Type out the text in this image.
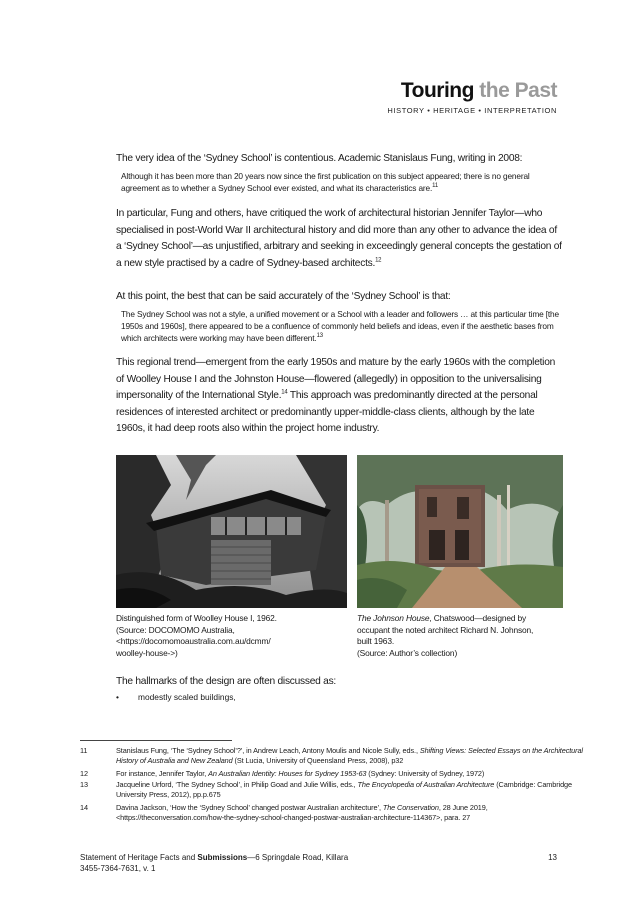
Touring the Past
HISTORY • HERITAGE • INTERPRETATION

The very idea of the ‘Sydney School’ is contentious. Academic Stanislaus Fung, writing in 2008:

Although it has been more than 20 years now since the first publication on this subject appeared; there is no general agreement as to whether a Sydney School ever existed, and what its characteristics are.$^{11}$

In particular, Fung and others, have critiqued the work of architectural historian Jennifer Taylor—who specialised in post-World War II architectural history and did more than any other to advance the idea of a ‘Sydney School’—as unjustified, arbitrary and seeking in exceedingly general concepts the gestation of a new style practised by a cadre of Sydney-based architects.$^{12}$

At this point, the best that can be said accurately of the ‘Sydney School’ is that:

The Sydney School was not a style, a unified movement or a School with a leader and followers … at this particular time [the 1950s and 1960s], there appeared to be a confluence of commonly held beliefs and ideas, even if the aesthetic bases from which architects were working may have been different.$^{13}$

This regional trend—emergent from the early 1950s and mature by the early 1960s with the completion of Woolley House I and the Johnston House—flowered (allegedly) in opposition to the universalising impersonality of the International Style.$^{14}$ This approach was predominantly directed at the personal residences of interested architect or predominantly upper-middle-class clients, although by the late 1960s, it had deep roots also within the project home industry.

Distinguished form of Woolley House I, 1962.
(Source: DOCOMOMO Australia,
<https://docomomoaustralia.com.au/dcmm/
woolley-house->)
The Johnson House, Chatswood—designed by
occupant the noted architect Richard N. Johnson,
built 1963.
(Source: Author’s collection)

The hallmarks of the design are often discussed as:

• modestly scaled buildings,
11	Stanislaus Fung, ‘The ‘Sydney School’?’, in Andrew Leach, Antony Moulis and Nicole Sully, eds., Shifting Views: Selected Essays on the Architectural History of Australia and New Zealand (St Lucia, University of Queensland Press, 2008), p32
12	For instance, Jennifer Taylor, An Australian Identity: Houses for Sydney 1953-63 (Sydney: University of Sydney, 1972)
13	Jacqueline Urford, ‘The Sydney School’, in Philip Goad and Julie Willis, eds., The Encyclopedia of Australian Architecture (Cambridge: Cambridge University Press, 2012), pp.p.675
14	Davina Jackson, ‘How the ‘Sydney School’ changed postwar Australian architecture’, The Conservation, 28 June 2019, <https://theconversation.com/how-the-sydney-school-changed-postwar-australian-architecture-114367>, para. 27
Statement of Heritage Facts and Submissions—6 Springdale Road, Killara
3455-7364-7631, v. 1
13
